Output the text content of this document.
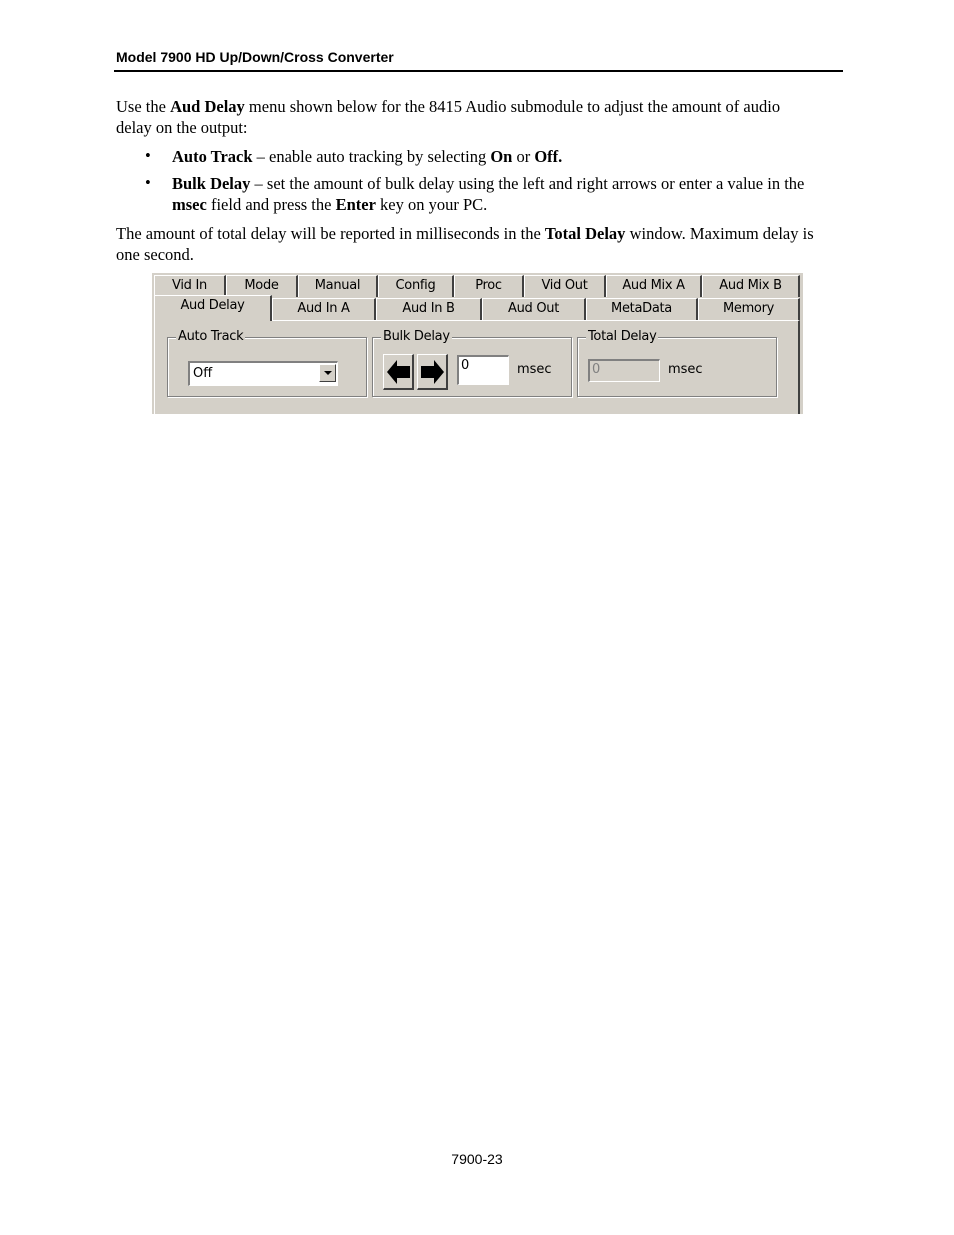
Model 7900 HD Up/Down/Cross Converter
Use the Aud Delay menu shown below for the 8415 Audio submodule to adjust the amount of audio delay on the output:
• Auto Track – enable auto tracking by selecting On or Off.
• Bulk Delay – set the amount of bulk delay using the left and right arrows or enter a value in the msec field and press the Enter key on your PC.
The amount of total delay will be reported in milliseconds in the Total Delay window. Maximum delay is one second.
Vid In	Mode	Manual	Config	Proc	Vid Out	Aud Mix A	Aud Mix B
Aud Delay	Aud In A	Aud In B	Aud Out	MetaData	Memory
Auto Track
Off
Bulk Delay
0	msec
Total Delay
0	msec
7900-23
